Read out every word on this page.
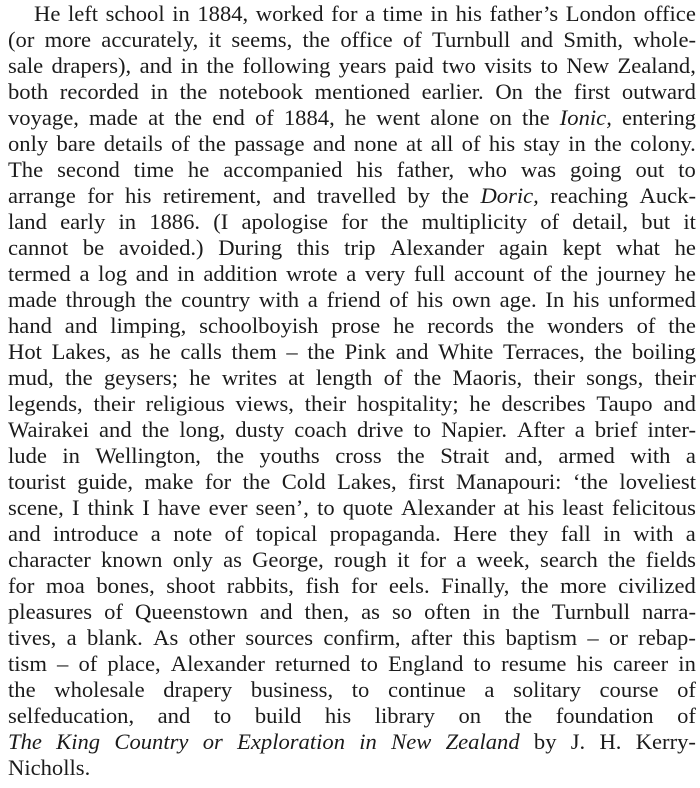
He left school in 1884, worked for a time in his father’s London office
(or more accurately, it seems, the office of Turnbull and Smith, whole-
sale drapers), and in the following years paid two visits to New Zealand,
both recorded in the notebook mentioned earlier. On the first outward
voyage, made at the end of 1884, he went alone on the Ionic, entering
only bare details of the passage and none at all of his stay in the colony.
The second time he accompanied his father, who was going out to
arrange for his retirement, and travelled by the Doric, reaching Auck-
land early in 1886. (I apologise for the multiplicity of detail, but it
cannot be avoided.) During this trip Alexander again kept what he
termed a log and in addition wrote a very full account of the journey he
made through the country with a friend of his own age. In his unformed
hand and limping, schoolboyish prose he records the wonders of the
Hot Lakes, as he calls them – the Pink and White Terraces, the boiling
mud, the geysers; he writes at length of the Maoris, their songs, their
legends, their religious views, their hospitality; he describes Taupo and
Wairakei and the long, dusty coach drive to Napier. After a brief inter-
lude in Wellington, the youths cross the Strait and, armed with a
tourist guide, make for the Cold Lakes, first Manapouri: ‘the loveliest
scene, I think I have ever seen’, to quote Alexander at his least felicitous
and introduce a note of topical propaganda. Here they fall in with a
character known only as George, rough it for a week, search the fields
for moa bones, shoot rabbits, fish for eels. Finally, the more civilized
pleasures of Queenstown and then, as so often in the Turnbull narra-
tives, a blank. As other sources confirm, after this baptism – or rebap-
tism – of place, Alexander returned to England to resume his career in
the wholesale drapery business, to continue a solitary course of
selfeducation, and to build his library on the foundation of
The King Country or Exploration in New Zealand by J. H. Kerry-
Nicholls.
